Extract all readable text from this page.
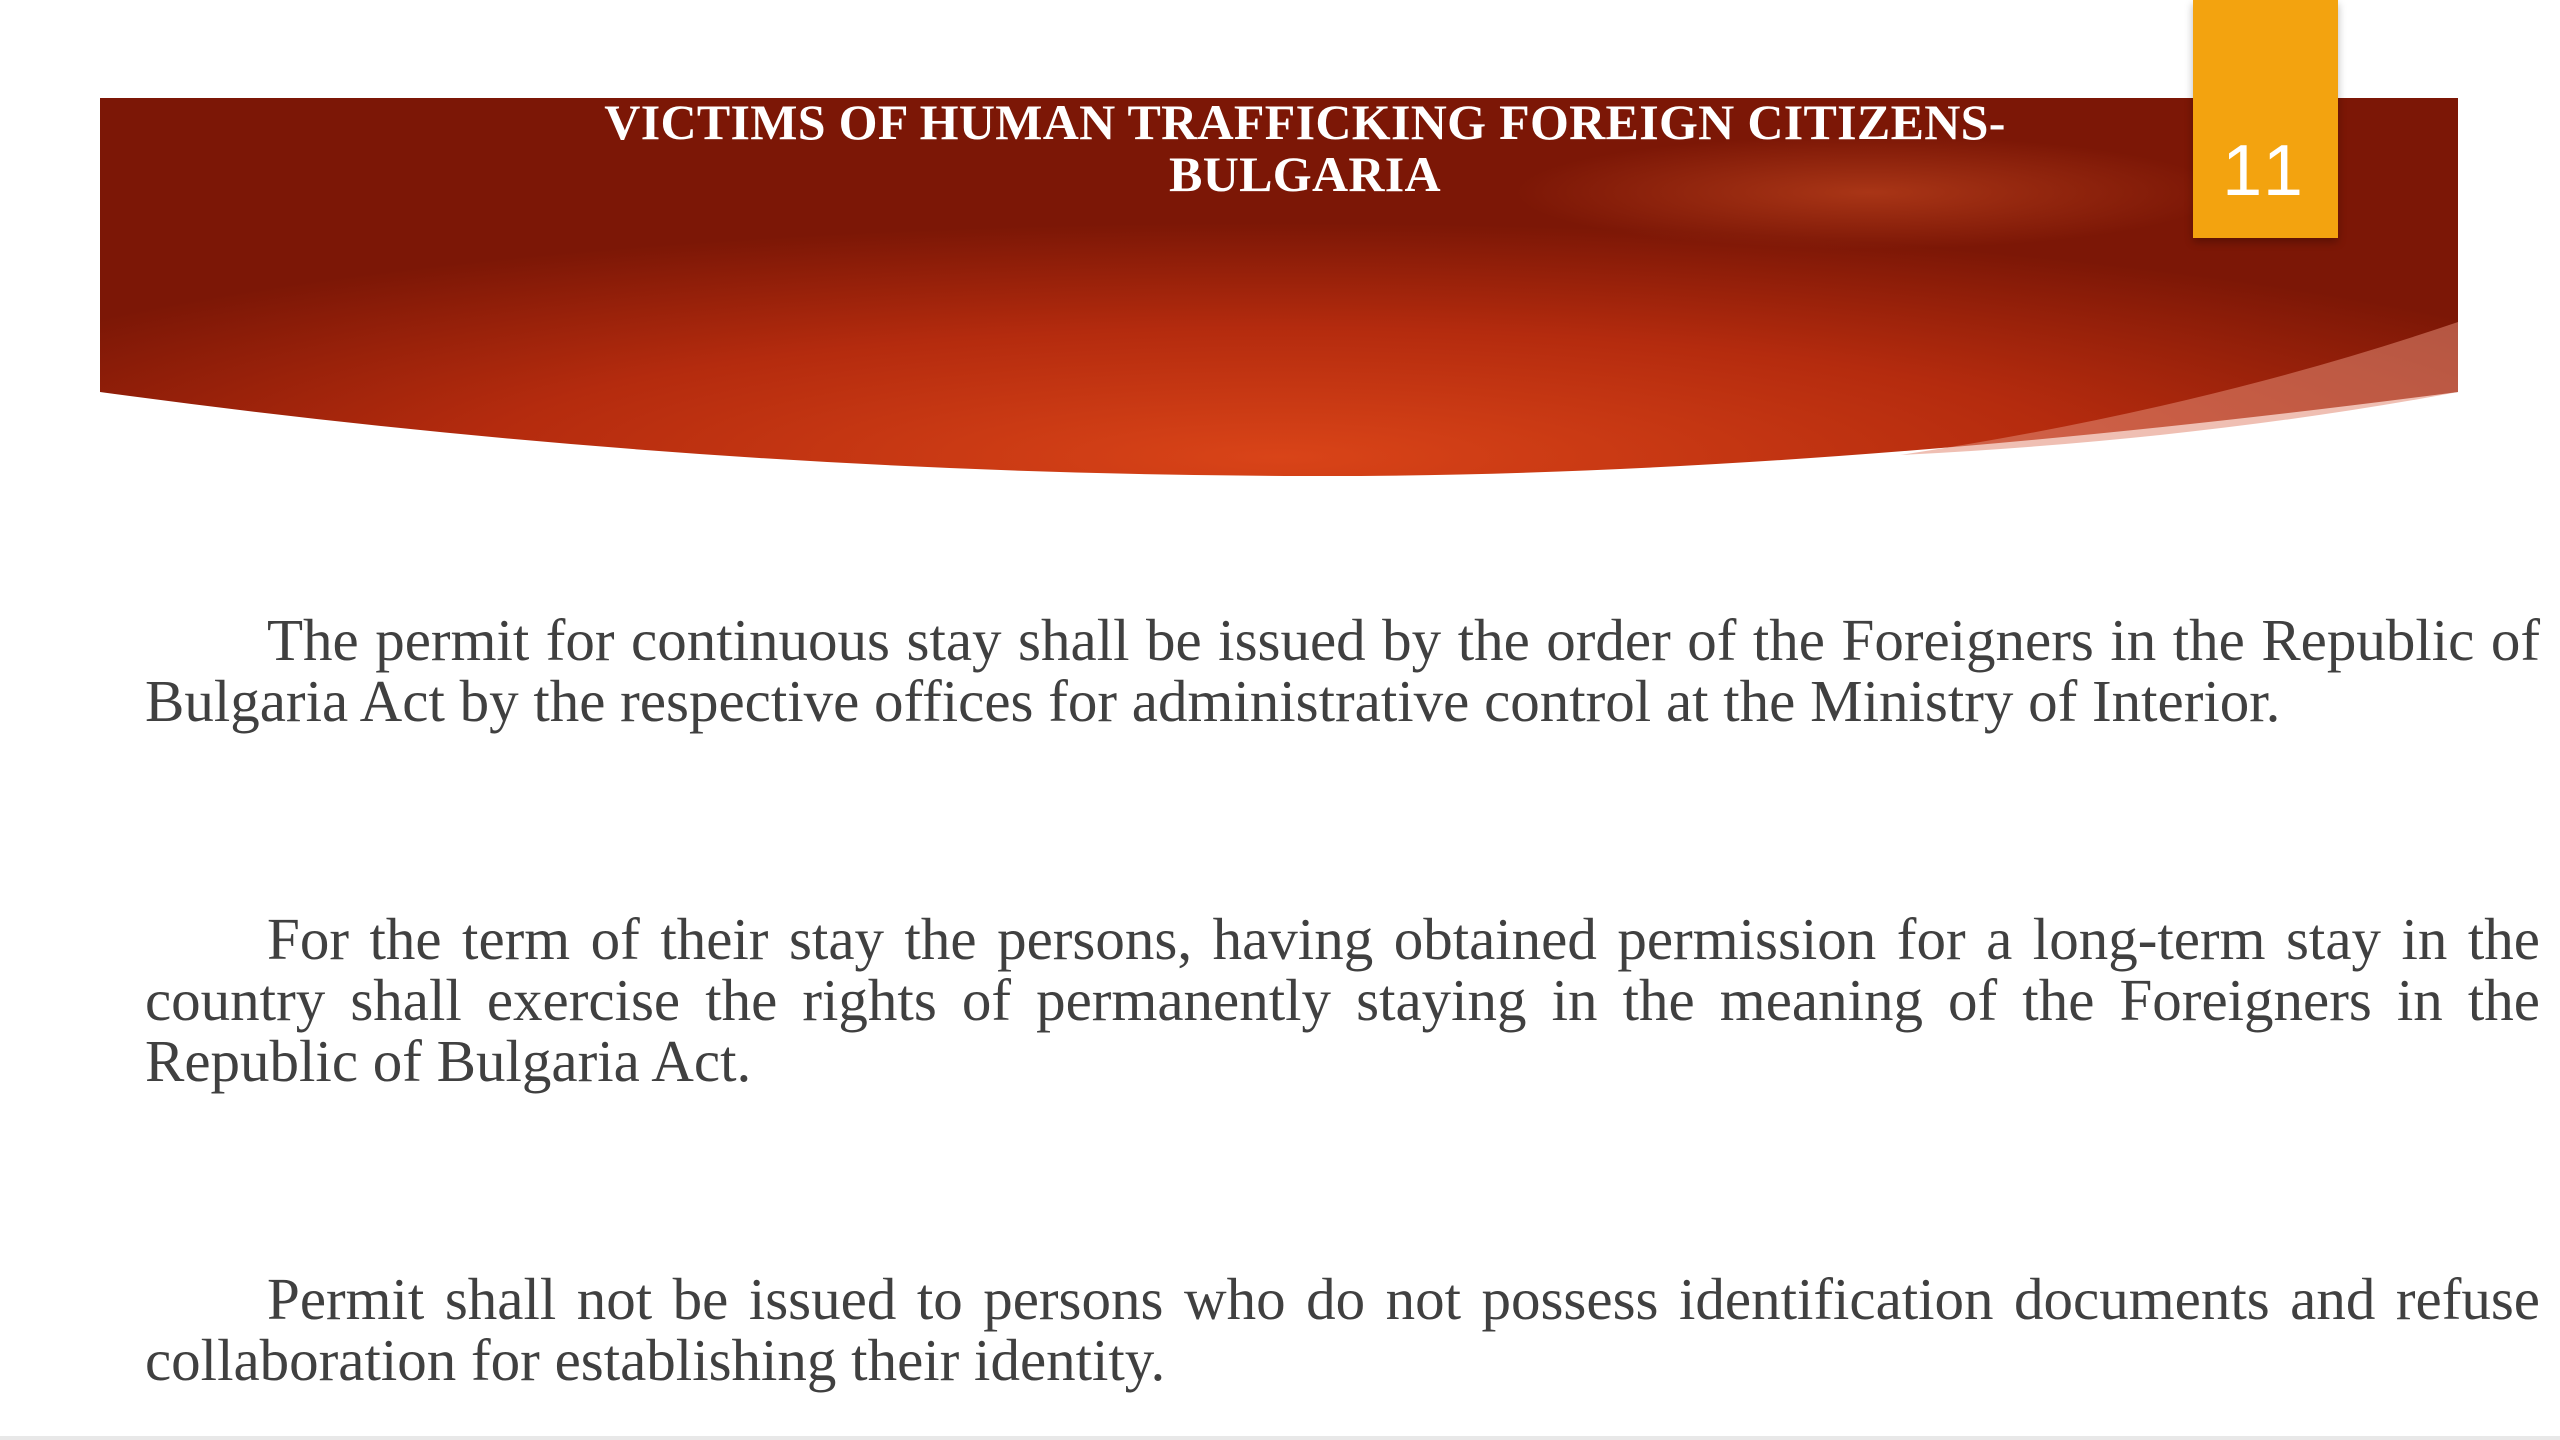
VICTIMS OF HUMAN TRAFFICKING FOREIGN CITIZENS- BULGARIA	11

The permit for continuous stay shall be issued by the order of the Foreigners in the Republic of Bulgaria Act by the respective offices for administrative control at the Ministry of Interior.

For the term of their stay the persons, having obtained permission for a long-term stay in the country shall exercise the rights of permanently staying in the meaning of the Foreigners in the Republic of Bulgaria Act.

Permit shall not be issued to persons who do not possess identification documents and refuse collaboration for establishing their identity.
